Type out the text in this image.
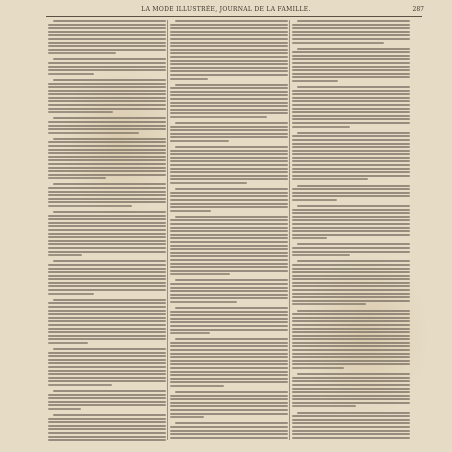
LA MODE ILLUSTRÉE, JOURNAL DE LA FAMILLE.	287
